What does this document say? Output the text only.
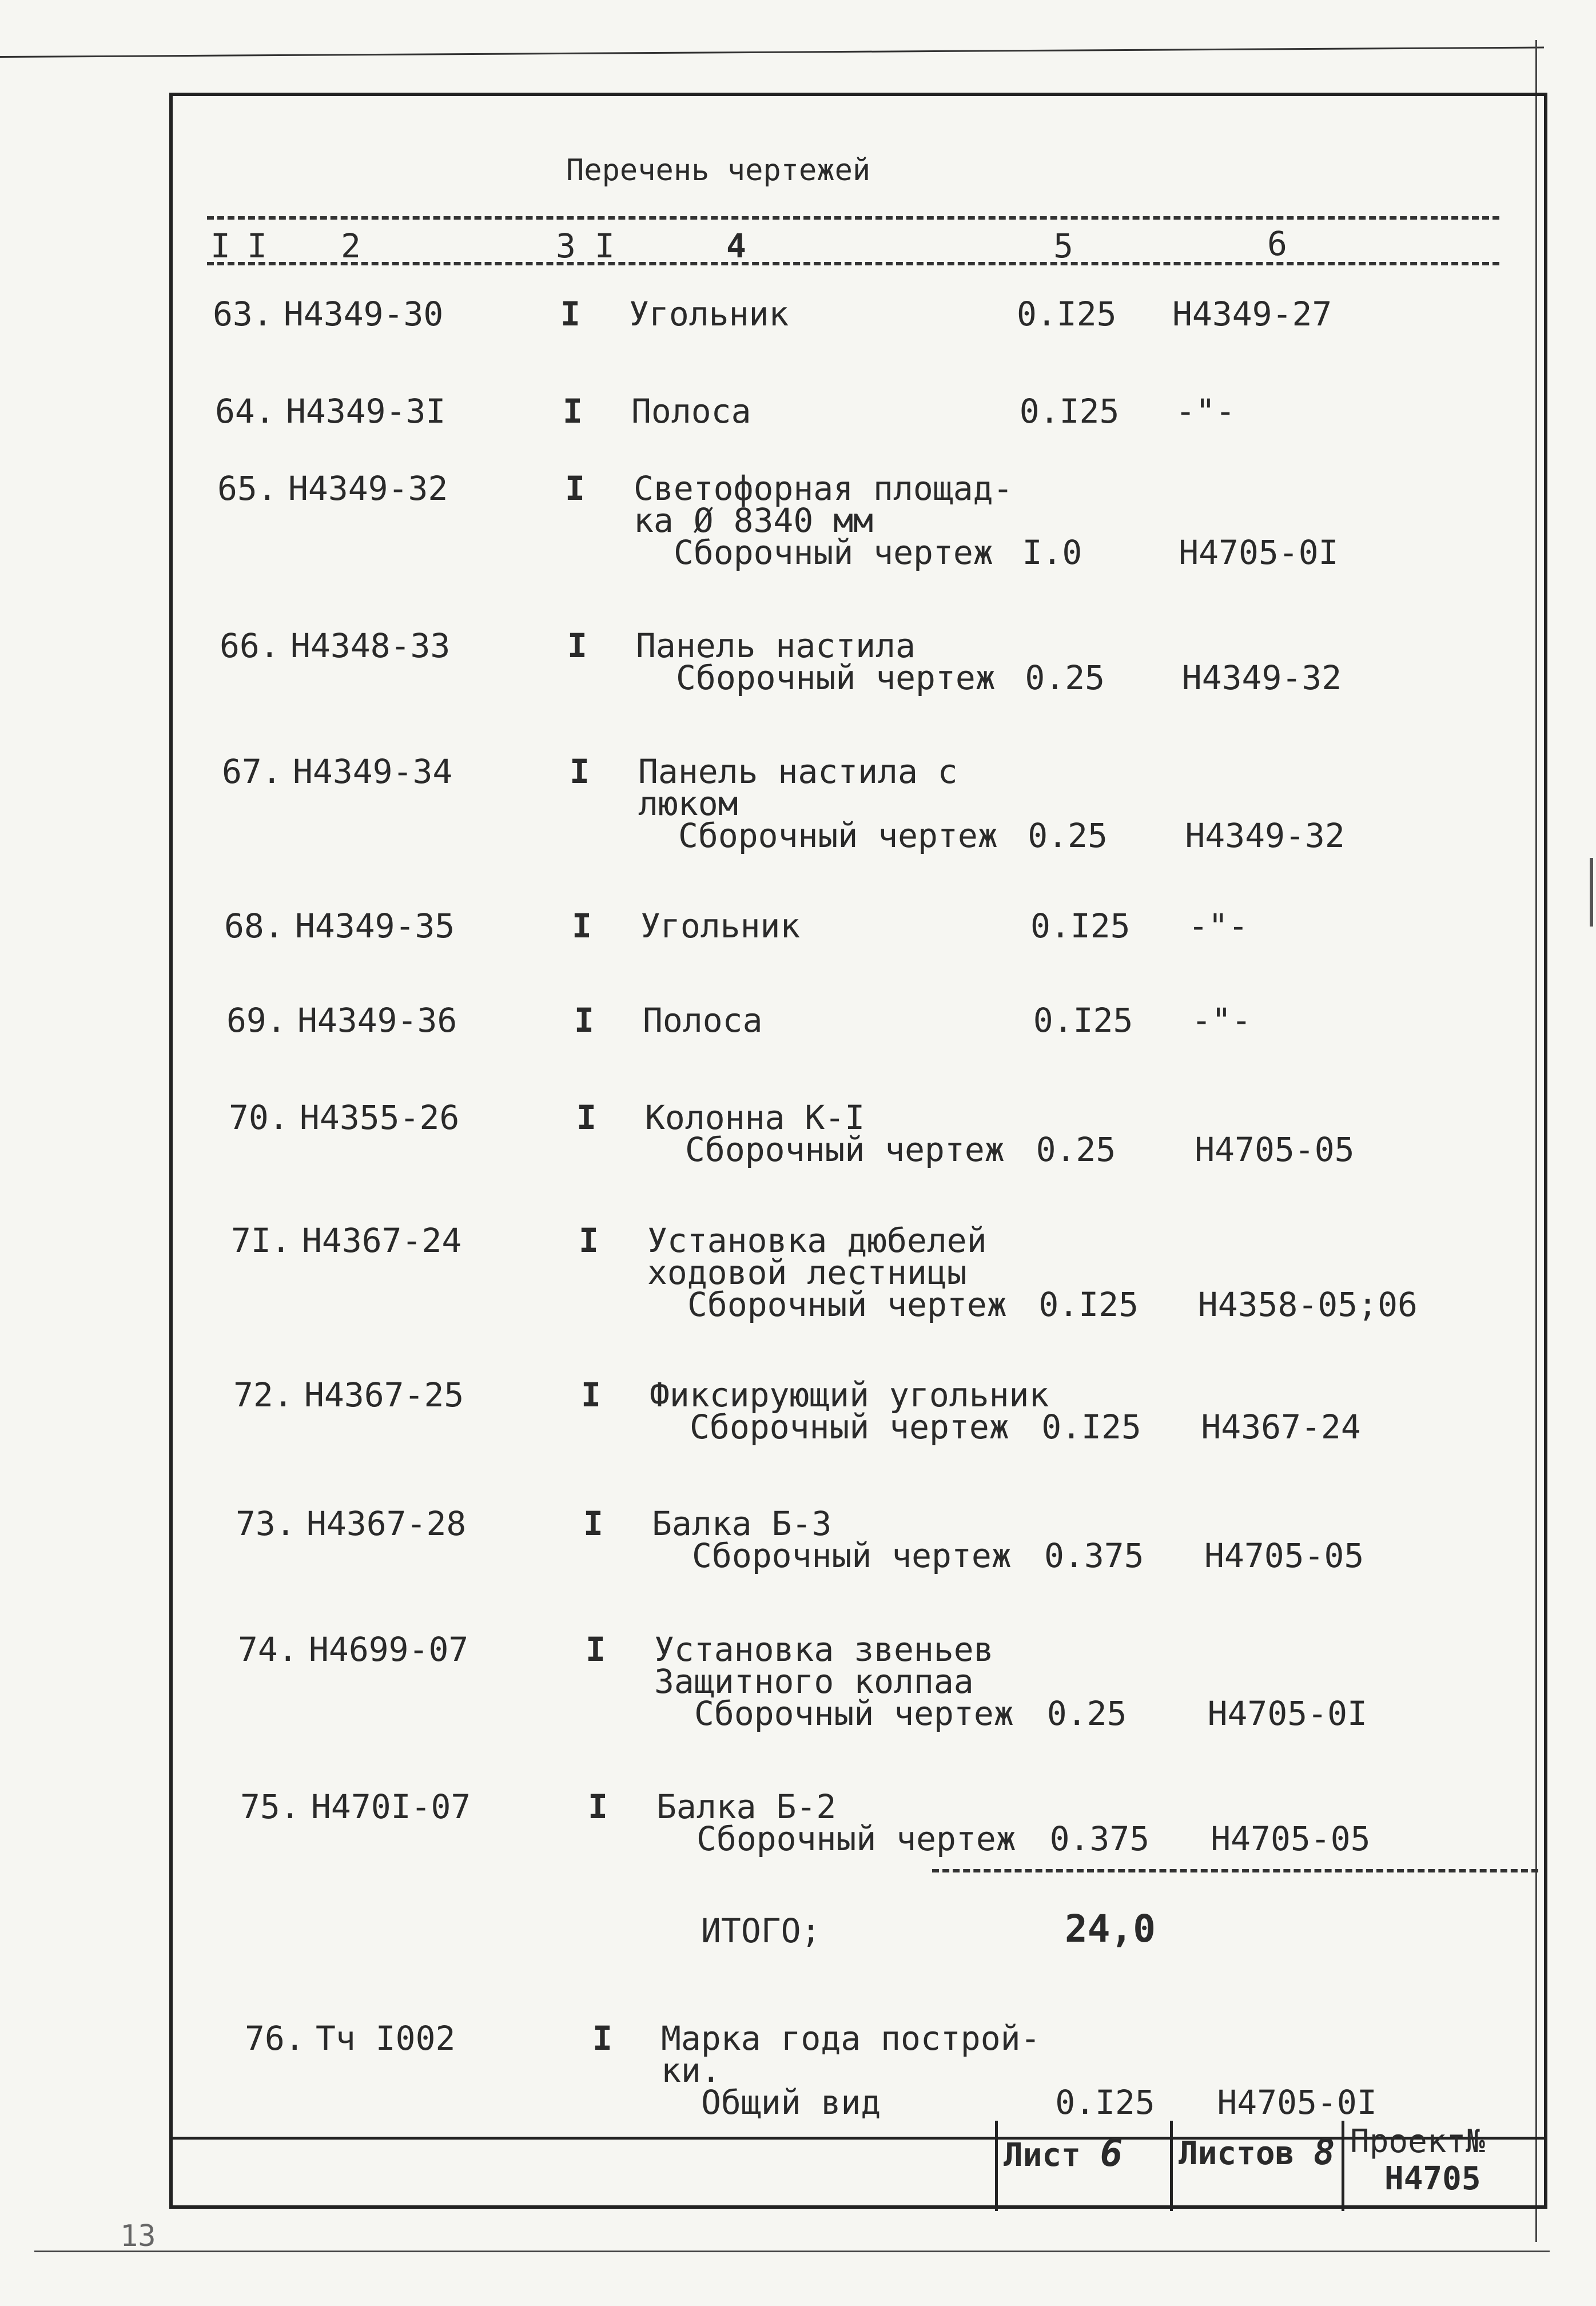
Перечень чертежей
I I 2	3 I	4	5	6
63. Н4349-30	I Угольник	0.I25 Н4349-27
64. Н4349-3I	I Полоса	0.I25 -"-
65. Н4349-32	I Светофорная площад-
ка Ø 8340 мм
Сборочный чертеж I.0	Н4705-0I
66. Н4348-33	I Панель настила
Сборочный чертеж 0.25 Н4349-32
67. Н4349-34	I Панель настила с
люком
Сборочный чертеж 0.25 Н4349-32
68. Н4349-35	I Угольник	0.I25 -"-
69. Н4349-36	I Полоса	0.I25 -"-
70. Н4355-26	I Колонна К-I
Сборочный чертеж 0.25 Н4705-05
7I. Н4367-24	I Установка дюбелей
ходовой лестницы
Сборочный чертеж 0.I25 Н4358-05;06
72. Н4367-25	I Фиксирующий угольник
Сборочный чертеж 0.I25 Н4367-24
73. Н4367-28	I Балка Б-3
Сборочный чертеж 0.375 Н4705-05
74. Н4699-07	I Установка звеньев
Защитного колпаа
Сборочный чертеж 0.25 Н4705-0I
75. Н470I-07	I Балка Б-2
Сборочный чертеж 0.375 Н4705-05
ИТОГО;	24,0
76. Тч I002	I Марка года построй-
ки.
Общий вид	0.I25 Н4705-0I
Лист 6	Листов 8 Проект№
Н4705
13
